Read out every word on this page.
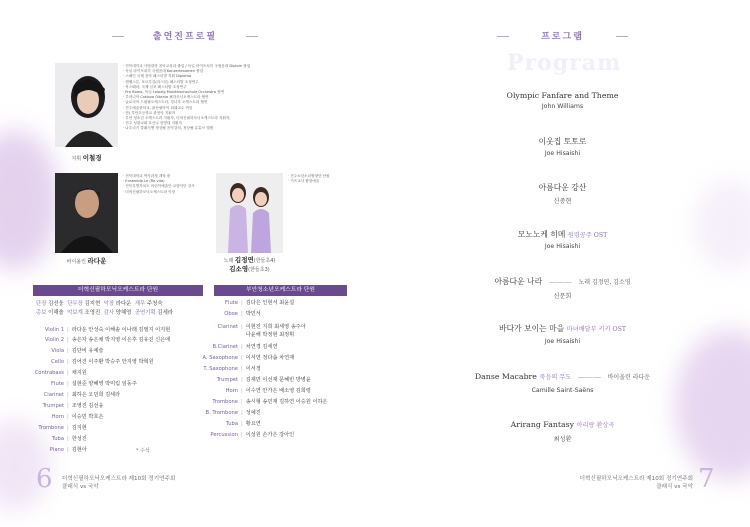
출연진프로필
지휘 이철경
· 전북대학교 사범대학 음악교육과 졸업 / 독일 라이프치히 국립음대 Diplom 졸업
· 독일 라이프치히 국립음대 Konzertexamen 졸업
· 스페인 국제 음악 페스티발 지휘 Diploma
· 캠벨스톤, 포르투갈(리스본) 페스티발 초청연주
· 작스페라, 국제 심포 페스티발 초청연주
· Pro Boma, 독일 Leipzig Musikhochschule Orchestra 협연
· 루마니아 Craiova Oltenia 필하모닉오케스트라 협연
· 글로리아 드림필오케스트라, 경나우 오케스트라 협연
· 전주예술중학교, 완산필아이 외래교수 역임
· 현) 부안초등학교 관현악 지휘자
· 부안 청소년 오케스트라 지휘자, 더혁신필하모닉오케스트라 지휘자,
· 전주 성광교회 호산나 찬양대 지휘자
· 나우리키 클래식앤 정상될 음악강의, 정상될 유튜브 앨범
바이올린 라다운
· 전북대학교 박사과정 재학 중
· Ensemble Le (Re vita)
· 전북특별자치도 어린이예술단 교향악단 강사
· 더혁신필하모닉오케스트라 악장
노래 김정연(한들초4)
김소영(한들초3)
· 전주소년소녀합창단 단원
· 키즈교사 합창예술
더혁신필하모닉오케스트라 단원
단장 김선웅 단무장 김지현 악장 라다운 재무 주청숙
총보 이해솔 악보계 조영진 감사 양혜영 공연기획 김세라
Violin 1 | 라다운 안성숙 이해솔 이나래 김필지 이지현
Violin 2 | 송은자 송은채 박지영 이은후 김유진 신은애
Viola | 김단비 유예슬
Cello | 김어진 이주환 박승주 안지영 박혁원
Contrabass | 채지원
Flute | 설현준 양혜영 박미림 임동주
Clarinet | 최하은 오민희 김세라
Trumpet | 조영진 김선웅
Horn | 이승민 박호은
Trombone | 김지현
Tuba | 한성진
Piano | 김현아	* 수석
부안청소년오케스트라 단원
Flute | 김다은 인현서 최윤설
Oboe | 박민서
Clarinet | 이현진 지희 최세영 송주아
나윤해 박정현 최정휘
B.Clarinet | 차연경 김세연
A. Saxophone | 이서연 정다솜 차연재
T. Saxophone | 이서정
Trumpet | 김재민 이선재 문혜빈 방병윤
Horn | 이수연 안가은 배소영 김희령
Trombone | 송시형 송민재 김하연 이승원 이하은
B. Trombone | 성예진
Tuba | 황요연
Percussion | 이성원 손가은 강아인
6 더혁신필하모닉오케스트라 제10회 정기연주회
클래식 vs 국악
프로그램
Program
Olympic Fanfare and Theme
John Williams
이웃집 토토로
Joe Hisaishi
아름다운 강산
신중현
모노노케 히메 원령공주 OST
Joe Hisaishi
아름다운 나라 ——— 노래 김정연, 김소영
신문희
바다가 보이는 마을 마녀배달부 키키 OST
Joe Hisaishi
Danse Macabre 죽음의 무도 ——— 바이올린 라다운
Camille Saint-Saëns
Arirang Fantasy 아리랑 환상곡
최성환
더혁신필하모닉오케스트라 제10회 정기연주회
클래식 vs 국악 7
